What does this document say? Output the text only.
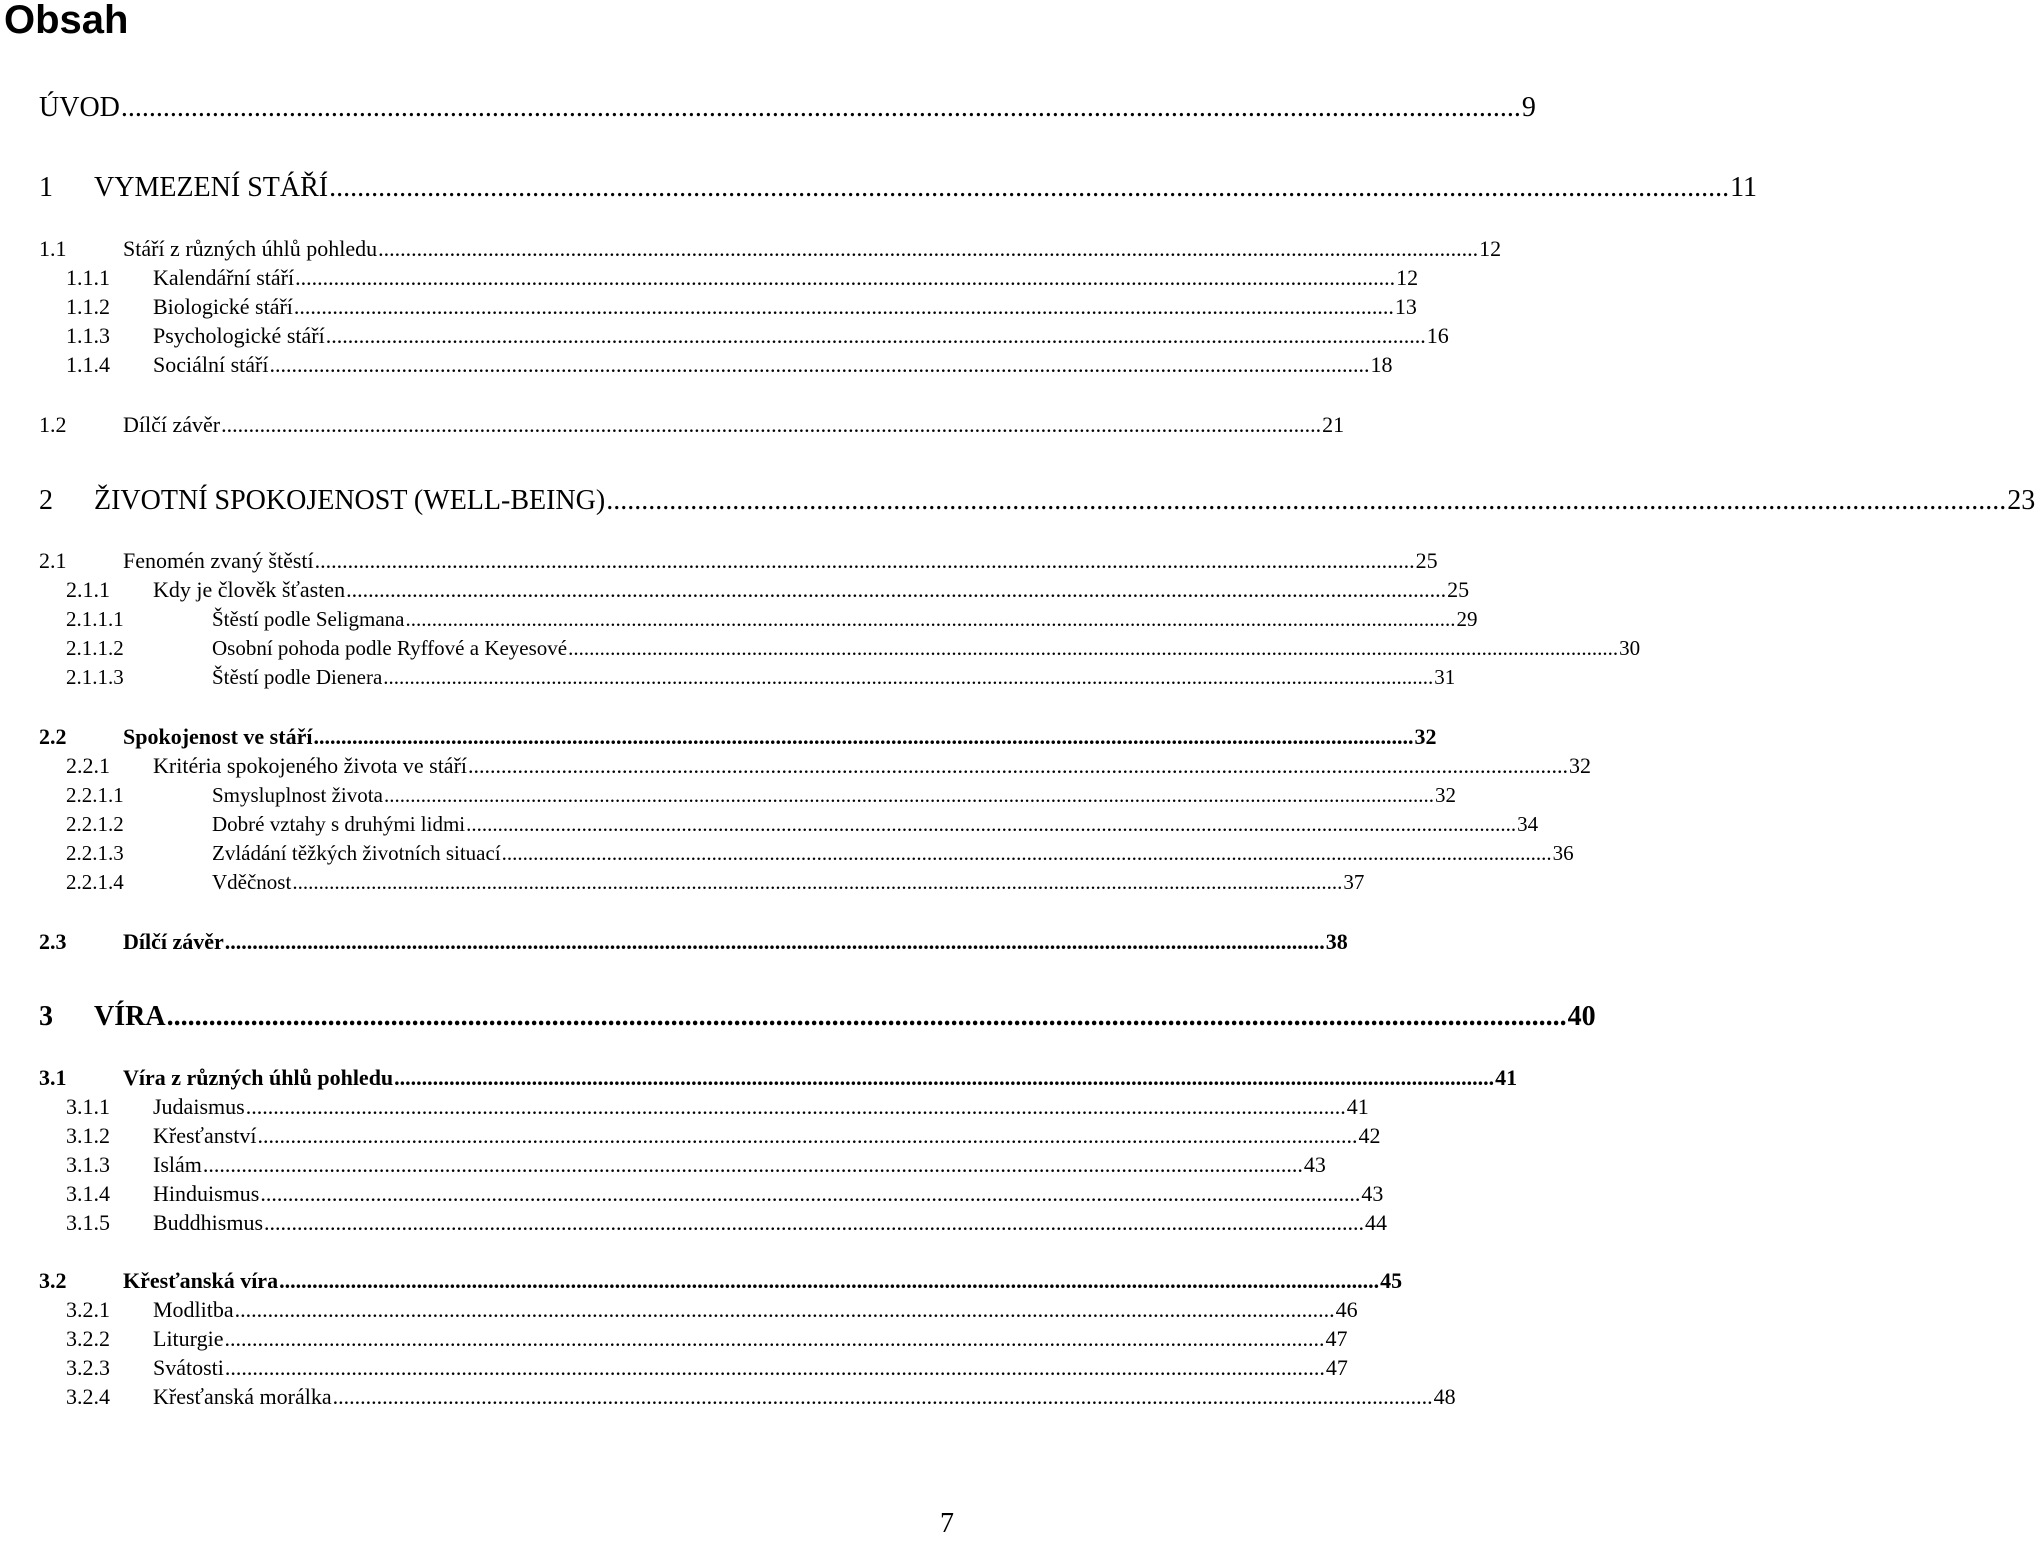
Obsah
ÚVOD ........................................................................................................................................................................................................ 9
1	VYMEZENÍ STÁŘÍ ........................................................................................................................................................................................................ 11
1.1	Stáří z různých úhlů pohledu ........................................................................................................................................................................................................ 12
1.1.1	Kalendářní stáří ........................................................................................................................................................................................................ 12
1.1.2	Biologické stáří ........................................................................................................................................................................................................ 13
1.1.3	Psychologické stáří ........................................................................................................................................................................................................ 16
1.1.4	Sociální stáří ........................................................................................................................................................................................................ 18
1.2	Dílčí závěr ........................................................................................................................................................................................................ 21
2	ŽIVOTNÍ SPOKOJENOST (WELL-BEING) ........................................................................................................................................................................................................ 23
2.1	Fenomén zvaný štěstí ........................................................................................................................................................................................................ 25
2.1.1	Kdy je člověk šťasten ........................................................................................................................................................................................................ 25
2.1.1.1	Štěstí podle Seligmana ........................................................................................................................................................................................................ 29
2.1.1.2	Osobní pohoda podle Ryffové a Keyesové ........................................................................................................................................................................................................ 30
2.1.1.3	Štěstí podle Dienera ........................................................................................................................................................................................................ 31
2.2	Spokojenost ve stáří ........................................................................................................................................................................................................ 32
2.2.1	Kritéria spokojeného života ve stáří ........................................................................................................................................................................................................ 32
2.2.1.1	Smysluplnost života ........................................................................................................................................................................................................ 32
2.2.1.2	Dobré vztahy s druhými lidmi ........................................................................................................................................................................................................ 34
2.2.1.3	Zvládání těžkých životních situací ........................................................................................................................................................................................................ 36
2.2.1.4	Vděčnost ........................................................................................................................................................................................................ 37
2.3	Dílčí závěr ........................................................................................................................................................................................................ 38
3	VÍRA ........................................................................................................................................................................................................ 40
3.1	Víra z různých úhlů pohledu ........................................................................................................................................................................................................ 41
3.1.1	Judaismus ........................................................................................................................................................................................................ 41
3.1.2	Křesťanství ........................................................................................................................................................................................................ 42
3.1.3	Islám ........................................................................................................................................................................................................ 43
3.1.4	Hinduismus ........................................................................................................................................................................................................ 43
3.1.5	Buddhismus ........................................................................................................................................................................................................ 44
3.2	Křesťanská víra ........................................................................................................................................................................................................ 45
3.2.1	Modlitba ........................................................................................................................................................................................................ 46
3.2.2	Liturgie ........................................................................................................................................................................................................ 47
3.2.3	Svátosti ........................................................................................................................................................................................................ 47
3.2.4	Křesťanská morálka ........................................................................................................................................................................................................ 48
7
